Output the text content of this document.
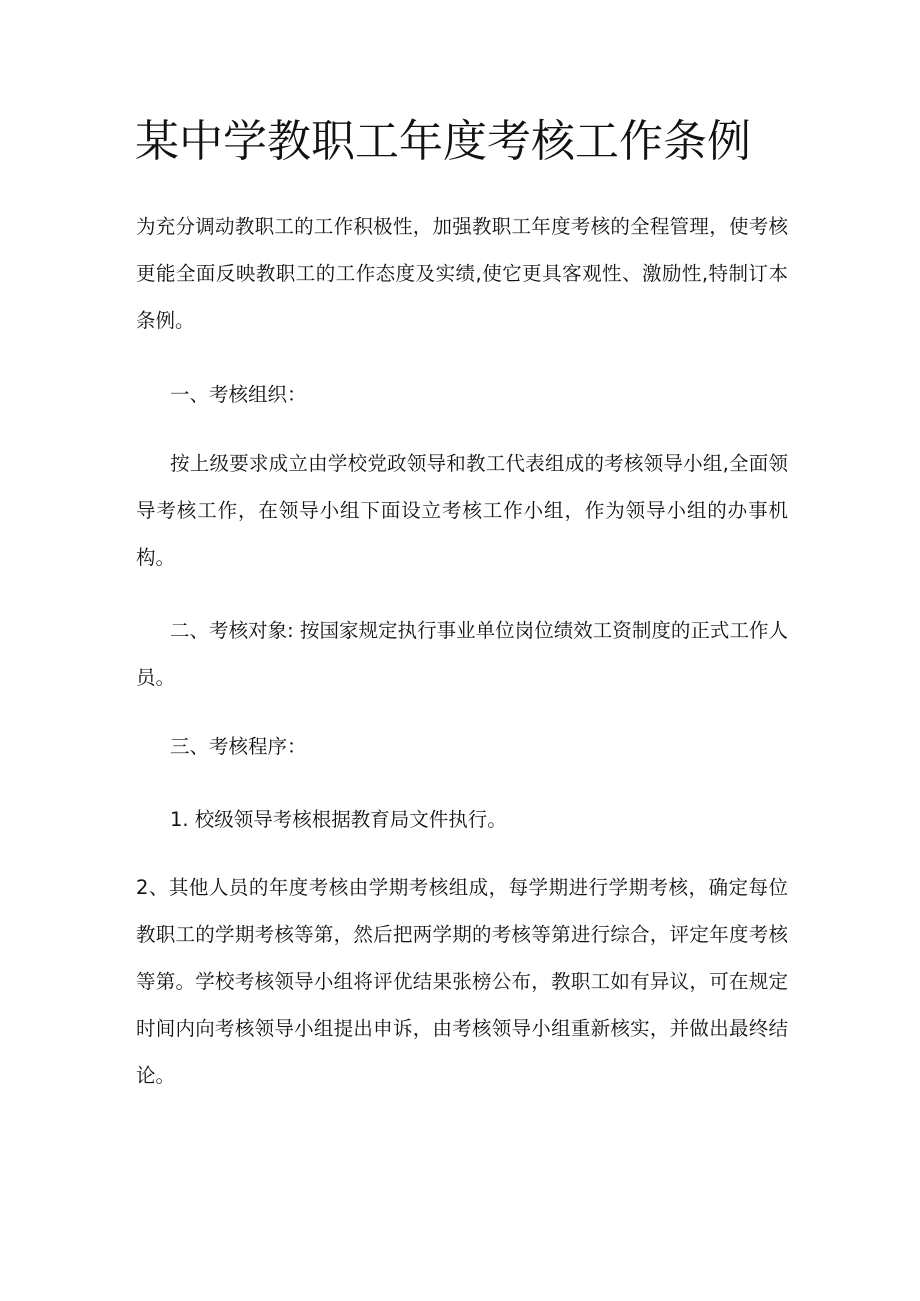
某中学教职工年度考核工作条例

为充分调动教职工的工作积极性，加强教职工年度考核的全程管理，使考核更能全面反映教职工的工作态度及实绩,使它更具客观性、激励性,特制订本条例。

一、考核组织：

按上级要求成立由学校党政领导和教工代表组成的考核领导小组,全面领导考核工作，在领导小组下面设立考核工作小组，作为领导小组的办事机构。

二、考核对象: 按国家规定执行事业单位岗位绩效工资制度的正式工作人员。

三、考核程序：

1. 校级领导考核根据教育局文件执行。

2、其他人员的年度考核由学期考核组成，每学期进行学期考核，确定每位教职工的学期考核等第，然后把两学期的考核等第进行综合，评定年度考核等第。学校考核领导小组将评优结果张榜公布，教职工如有异议，可在规定时间内向考核领导小组提出申诉，由考核领导小组重新核实，并做出最终结论。
